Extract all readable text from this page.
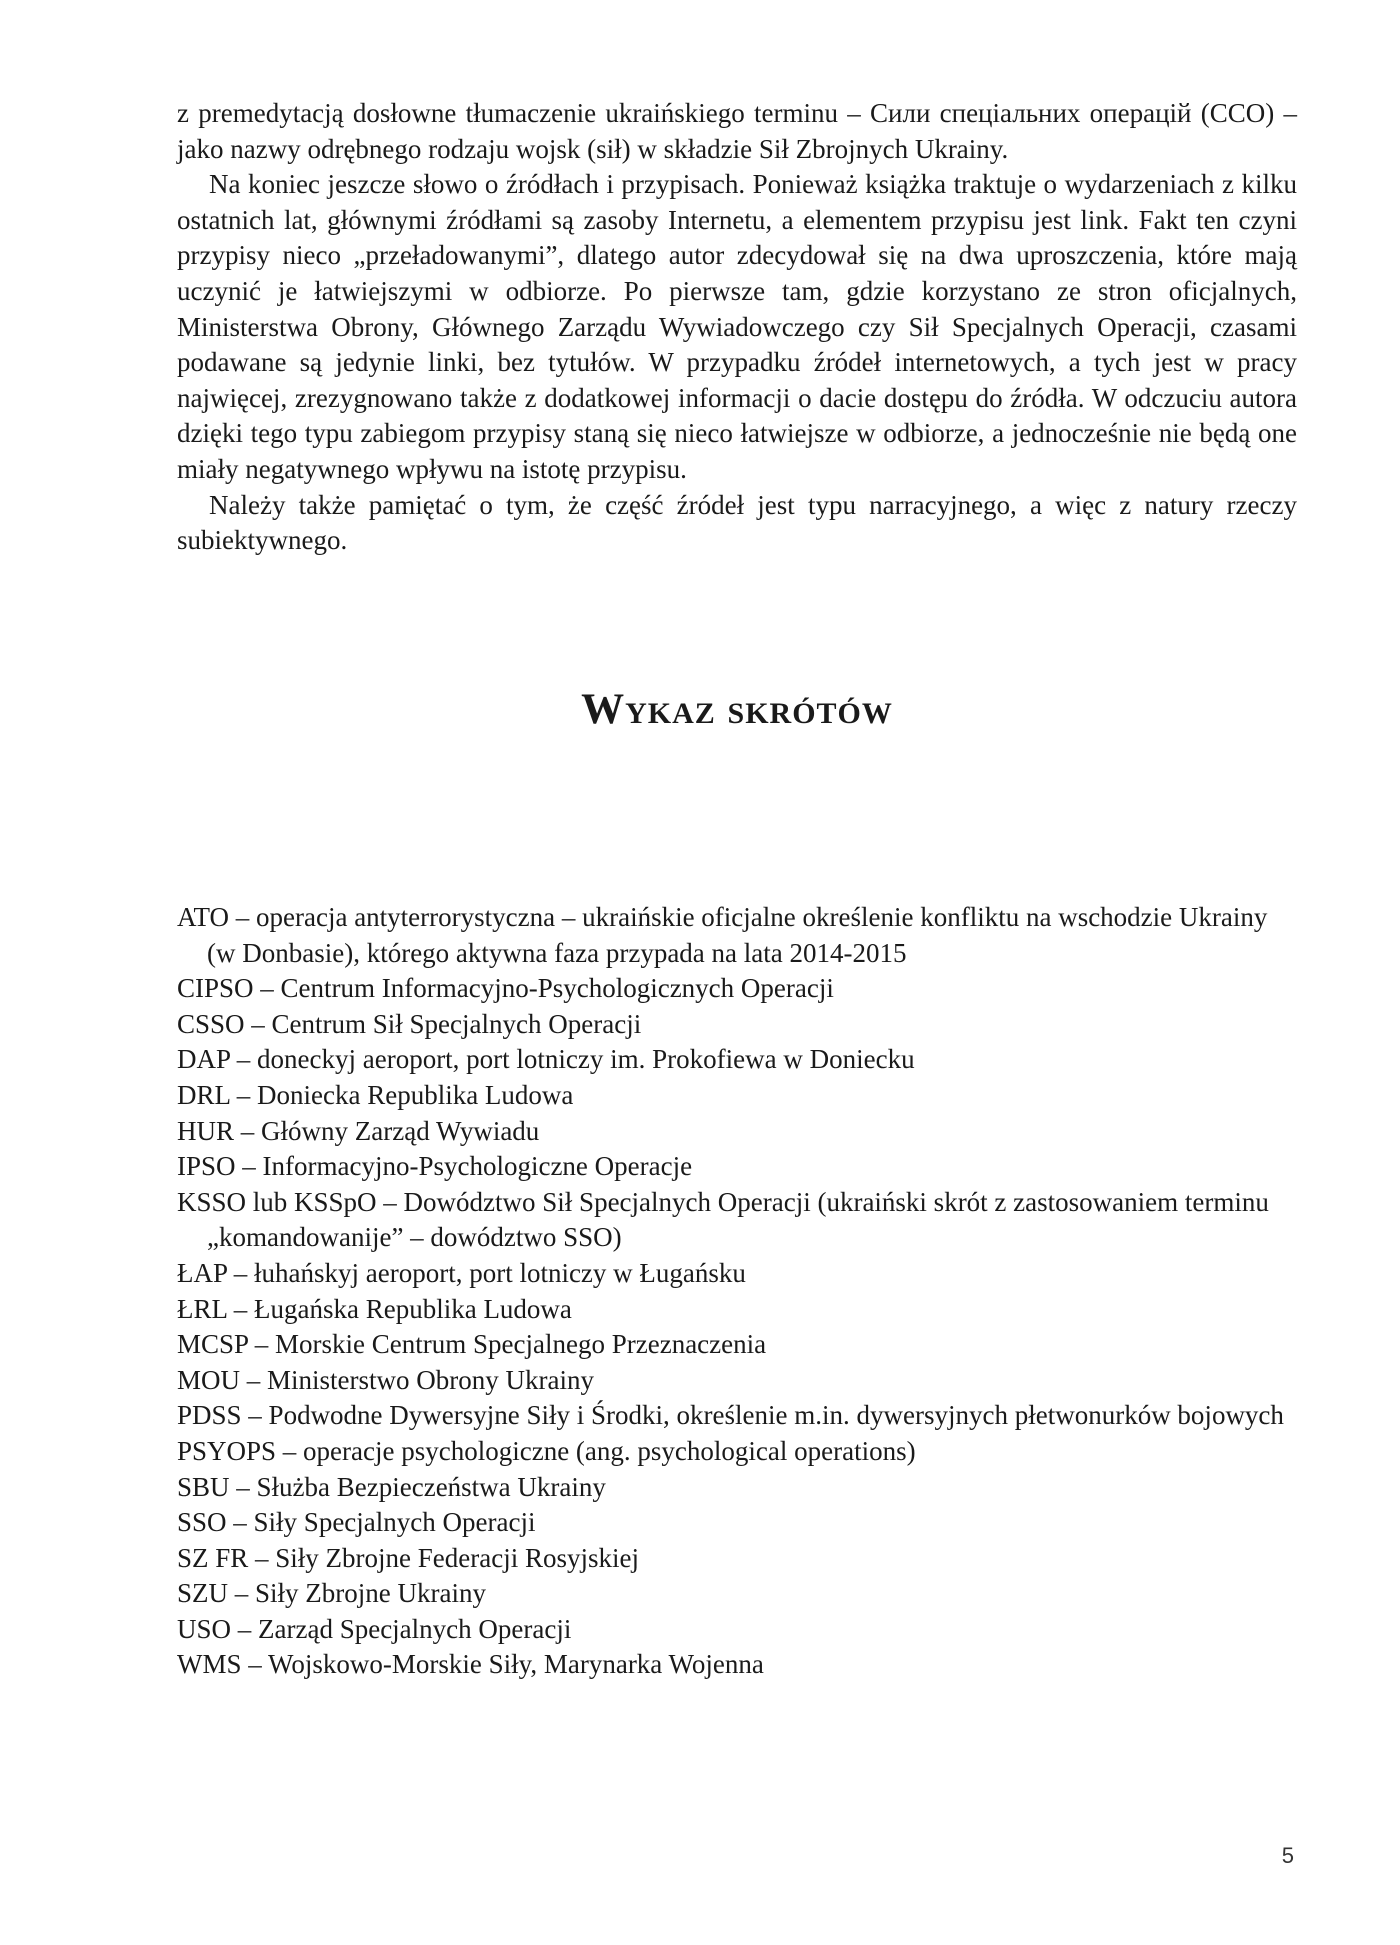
z premedytacją dosłowne tłumaczenie ukraińskiego terminu – Сили спеціальних операцій (ССО) – jako nazwy odrębnego rodzaju wojsk (sił) w składzie Sił Zbrojnych Ukrainy.

Na koniec jeszcze słowo o źródłach i przypisach. Ponieważ książka traktuje o wydarzeniach z kilku ostatnich lat, głównymi źródłami są zasoby Internetu, a elementem przypisu jest link. Fakt ten czyni przypisy nieco „przeładowanymi”, dlatego autor zdecydował się na dwa uproszczenia, które mają uczynić je łatwiejszymi w odbiorze. Po pierwsze tam, gdzie korzystano ze stron oficjalnych, Ministerstwa Obrony, Głównego Zarządu Wywiadowczego czy Sił Specjalnych Operacji, czasami podawane są jedynie linki, bez tytułów. W przypadku źródeł internetowych, a tych jest w pracy najwięcej, zrezygnowano także z dodatkowej informacji o dacie dostępu do źródła. W odczuciu autora dzięki tego typu zabiegom przypisy staną się nieco łatwiejsze w odbiorze, a jednocześnie nie będą one miały negatywnego wpływu na istotę przypisu.

Należy także pamiętać o tym, że część źródeł jest typu narracyjnego, a więc z natury rzeczy subiektywnego.

Wykaz skrótów
ATO – operacja antyterrorystyczna – ukraińskie oficjalne określenie konfliktu na wschodzie Ukrainy (w Donbasie), którego aktywna faza przypada na lata 2014-2015
CIPSO – Centrum Informacyjno-Psychologicznych Operacji
CSSO – Centrum Sił Specjalnych Operacji
DAP – doneckyj aeroport, port lotniczy im. Prokofiewa w Doniecku
DRL – Doniecka Republika Ludowa
HUR – Główny Zarząd Wywiadu
IPSO – Informacyjno-Psychologiczne Operacje
KSSO lub KSSpO – Dowództwo Sił Specjalnych Operacji (ukraiński skrót z zastosowaniem terminu „komandowanije” – dowództwo SSO)
ŁAP – łuhańskyj aeroport, port lotniczy w Ługańsku
ŁRL – Ługańska Republika Ludowa
MCSP – Morskie Centrum Specjalnego Przeznaczenia
MOU – Ministerstwo Obrony Ukrainy
PDSS – Podwodne Dywersyjne Siły i Środki, określenie m.in. dywersyjnych płetwonurków bojowych
PSYOPS – operacje psychologiczne (ang. psychological operations)
SBU – Służba Bezpieczeństwa Ukrainy
SSO – Siły Specjalnych Operacji
SZ FR – Siły Zbrojne Federacji Rosyjskiej
SZU – Siły Zbrojne Ukrainy
USO – Zarząd Specjalnych Operacji
WMS – Wojskowo-Morskie Siły, Marynarka Wojenna
5
